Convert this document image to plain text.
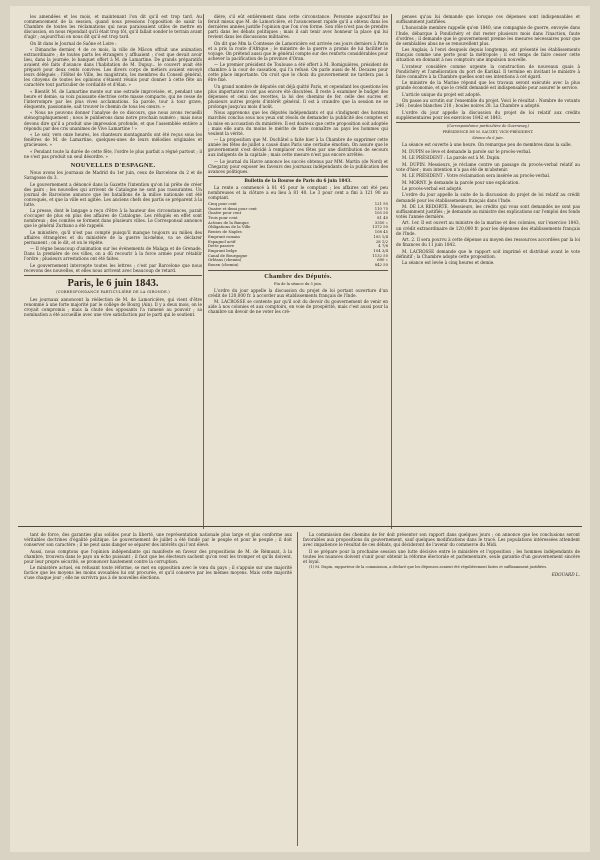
les amendées et les mois, et maintenant l'on dit qu'il est trop tard. Au commencement de la session, quand nous pressions l'opposition de saisir la Chambre de toutes les réclamations qui nous paraissaient utiles de mettre en discussion, on nous répondait qu'il était trop tôt, qu'il fallait sonder le terrain avant d'agir ; aujourd'hui on nous dit qu'il est trop tard.

On lit dans le Journal de Saône et Loire :

« Dimanche dernier, 4 de ce mois, la ville de Mâcon offrait une animation extraordinaire ; de toutes parts les étrangers y affluaient ; c'est que devait avoir lieu, dans la journée, le banquet offert à M. de Lamartine. De grands préparatifs avaient été faits d'avance dans l'habitation de M. Dupuy... le couvert avait été préparé pour deux cents convives. Les divers corps de métiers avaient envoyé leurs délégués ; l'Hôtel de Ville, les magistrats, les membres du Conseil général, les citoyens de toutes les opinions s'étaient réunis pour donner à cette fête un caractère tout particulier de cordialité et d'élan. »

« Bientôt M. de Lamartine monte sur une estrade improvisée, et, pendant une heure et demie, sa voix puissante électrise cette masse compacte, qui ne cesse de l'interrompre par les plus vives acclamations. Sa parole, tour à tour grave, éloquente, passionnée, sait trouver le chemin de tous les cœurs. »

« Nous ne pouvons donner l'analyse de ce discours, que nous avons recueilli sténographiquement ; nous le publierons dans notre prochain numéro ; mais nous devons dire qu'il a produit une impression profonde, et que l'assemblée entière a répondu par des cris unanimes de Vive Lamartine ! »

« Le soir, vers onze heures, les chanteurs montagnards ont été reçus sous les fenêtres de M. de Lamartine, quelques-unes de leurs mélodies originales et gracieuses. »

« Pendant toute la durée de cette fête, l'ordre le plus parfait a régné partout ; il ne s'est pas produit un seul désordre. »

NOUVELLES D'ESPAGNE.

Nous avons les journaux de Madrid du 1er juin, ceux de Barcelone du 2 et de Saragosse du 3.

Le gouvernement a dénoncé dans la Gazette l'intention qu'on lui prête de créer des pairs ; les nouvelles qui arrivent de Catalogne ne sont pas rassurantes. Un journal de Barcelone annonce que les bataillons de la milice nationale ont été convoqués, et que la ville est agitée. Les anciens chefs des partis se préparent à la lutte.

La presse, dont le langage a reçu d'être à la hauteur des circonstances, parait s'occuper de plus en plus des affaires de Catalogne. Les réfugiés en effet sont nombreux ; des comités se forment dans plusieurs villes. Le Corresponsal annonce que le général Zurbano a été rappelé.

Le ministère, qu'il n'est pas compté puisqu'il manque toujours au milieu des affaires étrangères et du ministère de la guerre lui-même, va se déclarer permanent ; on le dit, et on le répète.

— Il règne beaucoup d'animation sur les événements de Malaga et de Grenade. Dans la première de ces villes, on a dû recourir à la force armée pour rétablir l'ordre ; plusieurs arrestations ont été faites.

Le gouvernement intercepte toutes les lettres ; c'est par Barcelone que nous recevons des nouvelles, et elles nous arrivent avec beaucoup de retard.

Paris, le 6 juin 1843.
(CORRESPONDANCE PARTICULIÈRE DE LA GIRONDE.)

Les journaux annoncent la réélection de M. de Lamoricière, qui vient d'être renommé à une forte majorité par le collège de Bourg (Ain). Il y a deux mois, on le croyait compromis ; mais la chute des opposants l'a ramené au pouvoir ; sa nomination a été accueillie avec une vive satisfaction par le parti qui le soutient.

dière, s'il eût entièrement dans cette circonstance. Personne aujourd'hui ne ferait mieux que M. de Lamoricière, et l'avancement rapide qu'il a obtenu dans les dernières années justifie l'opinion que l'on s'en forme. Son rôle n'est pas de prendre parti dans les débats politiques ; mais il sait tenir avec honneur la place qui lui revient dans les discussions militaires.

On dit que Mm la Comtesse de Lamoricière est arrivée ces jours derniers à Paris et a pris la route d'Afrique ; le ministre de la guerre a promis de lui faciliter le voyage. On prétend aussi que le général compte sur des renforts considérables pour achever la pacification de la province d'Oran.

— Le premier président de Toulouse a été offert à M. Romiguières, président de chambre à la cour de cassation, qui l'a refusé. On parle aussi de M. Decazes pour cette place importante. On croit que le choix du gouvernement ne tardera pas à être fixé.

Un grand nombre de députés ont déjà quitté Paris, et cependant les questions les plus importantes n'ont pas encore été discutées. Il reste à examiner le budget des dépenses et celui des recettes, la loi des chemins de fer, celle des sucres et plusieurs autres projets d'intérêt général. Il est à craindre que la session ne se prolonge jusqu'au mois d'août.

Nous apprenons que les députés indépendants et qui s'indignent des honteux marchés conclus sous nos yeux ont résolu de demander la publicité des comptes et la mise en accusation du ministère. Il est douteux que cette proposition soit adoptée ; mais elle aura du moins le mérite de faire connaître au pays les hommes qui veulent la vérité.

— La proposition que M. Duchâtel a faite hier à la Chambre de supprimer cette année les fêtes de juillet a causé dans Paris une certaine émotion. On assure que le gouvernement s'est décidé à remplacer ces fêtes par une distribution de secours aux indigents de la capitale ; mais cette mesure n'est pas encore arrêtée.

— Le journal du Havre annonce les succès obtenus par MM. Martin (de Nord) et Chegaray pour exposer les faveurs des journaux indépendants de la publication des avances politiques.

Bulletin de la Bourse de Paris du 6 juin 1843.

La rente a commencé à 81 45 pour le comptant ; les affaires ont été peu nombreuses et la clôture a eu lieu à 81 40. Le 3 pour cent a fini à 121 90 au comptant.

Cinq pour cent	121 95
Quatre et demi pour cent	110 75
Quatre pour cent	105 50
Trois pour cent	81 40
Actions de la Banque	3350 »
Obligations de la Ville	1372 50
Rentes de Naples	108 45
Emprunt romain	105 1/4
Espagnol actif	28 1/2
Dette passive	4 7/8
Emprunt belge	104 3/4
Canal de Bourgogne	1132 50
Orléans (chemin)	690 »
Rouen (chemin)	842 50
Chambre des Députés.
Fin de la séance du 5 juin.

L'ordre du jour appelle la discussion du projet de loi portant ouverture d'un crédit de 120,000 fr. à accorder aux établissements français de l'Inde.

M. LACROSSE se contente par qu'il soit du devoir du gouvernement de venir en aide à nos colonies et aux comptoirs, en voie de prospérité, mais c'est aussi pour la chambre un devoir de ne voter les cré-

penses qu'au lui demande que lorsque ces dépenses sont indispensables et suffisamment justifiées.

L'honorable membre rappelle qu'en 1840, une compagnie de guerre, envoyée dans l'Inde, débarque à Pondichéry et dut rester plusieurs mois dans l'inaction, faute d'ordres ; il demande que le gouvernement prenne les mesures nécessaires pour que de semblables abus ne se renouvellent plus.

Les Anglais, à l'envi desquels depuis longtemps, ont présenté les établissements français comme une perte pour la métropole ; il est temps de faire cesser cette situation en donnant à nos comptoirs une impulsion nouvelle.

L'orateur considère comme urgente la construction de nouveaux quais à Pondichéry et l'amélioration du port de Karikal. Il termine en invitant le ministre à faire connaître à la Chambre quelles sont ses intentions à cet égard.

Le ministre de la Marine répond que les travaux seront exécutés avec la plus grande économie, et que le crédit demandé est indispensable pour assurer le service.

L'article unique du projet est adopté.

On passe au scrutin sur l'ensemble du projet. Voici le résultat : Nombre de votants 246 ; boules blanches 218 ; boules noires 28. La Chambre a adopté.

L'ordre du jour appelle la discussion du projet de loi relatif aux crédits supplémentaires pour les exercices 1842 et 1843.

(Correspondance particulière de Guernesey.)
PRÉSIDENCE DE M. SAUZET, VICE-PRÉSIDENT.
Séance du 6 juin.

La séance est ouverte à une heure. On remarque peu de membres dans la salle.

M. DUPIN se lève et demande la parole sur le procès-verbal.

M. LE PRÉSIDENT : La parole est à M. Dupin.

M. DUPIN. Messieurs, je réclame contre un passage du procès-verbal relatif au vote d'hier ; mon intention n'a pas été de m'abstenir.

M. LE PRÉSIDENT : Votre réclamation sera insérée au procès-verbal.

M. MORNY. Je demande la parole pour une explication.

Le procès-verbal est adopté.

L'ordre du jour appelle la suite de la discussion du projet de loi relatif au crédit demandé pour les établissements français dans l'Inde.

M. DE LA REDORTE. Messieurs, les crédits qui vous sont demandés ne sont pas suffisamment justifiés ; je demande au ministre des explications sur l'emploi des fonds votés l'année dernière.

Art. 1er. Il est ouvert au ministre de la marine et des colonies, sur l'exercice 1843, un crédit extraordinaire de 120,000 fr. pour les dépenses des établissements français de l'Inde.

Art. 2. Il sera pourvu à cette dépense au moyen des ressources accordées par la loi de finances du 11 juin 1842.

M. LACROSSE demande que le rapport soit imprimé et distribué avant le vote définitif ; la Chambre adopte cette proposition.

La séance est levée à cinq heures et demie.

tant de force, des garanties plus solides pour la liberté, une représentation nationale plus large et plus conforme aux véritables doctrines d'égalité politique. Le gouvernement de juillet a été fondé par le peuple et pour le peuple ; il doit conserver son caractère ; il ne peut sans danger se séparer des intérêts qui l'ont élevé.

Aussi, nous comptons que l'opinion indépendante qui manifeste en faveur des propositions de M. de Rémusat, à la chambre, trouvera dans le pays un écho puissant ; il faut que les électeurs sachent qu'on veut les tromper et qu'ils doivent, pour leur propre sécurité, se prononcer hautement contre la corruption.

Le ministère actuel, en refusant toute réforme, se met en opposition avec le vœu du pays ; il s'appuie sur une majorité factice que les moyens les moins avouables lui ont procurée, et qu'il conserve par les mêmes moyens. Mais cette majorité s'use chaque jour ; elle ne survivra pas à de nouvelles élections.

La commission des chemins de fer doit présenter son rapport dans quelques jours ; on annonce que les conclusions seront favorables aux propositions du gouvernement, sauf quelques modifications dans le tracé. Les populations intéressées attendent avec impatience le résultat de ces débats, qui décideront de l'avenir du commerce du Midi.

Il se prépare pour la prochaine session une lutte décisive entre le ministère et l'opposition ; les hommes indépendants de toutes les nuances doivent s'unir pour obtenir la réforme électorale et parlementaire, seule garantie d'un gouvernement sincère et loyal.

(1) M. Dupin, rapporteur de la commission, a déclaré que les dépenses avaient été régulièrement faites et suffisamment justifiées.

EDOUARD L.
